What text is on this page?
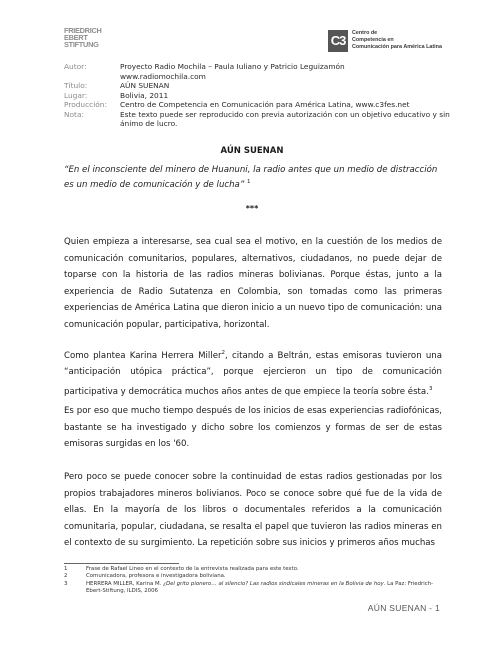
FRIEDRICH
EBERT
STIFTUNG	C3	Centro de
Competencia en
Comunicación para América Latina
Autor:	Proyecto Radio Mochila – Paula Iuliano y Patricio Leguizamón
www.radiomochila.com
Título:	AÚN SUENAN
Lugar:	Bolivia, 2011
Producción:	Centro de Competencia en Comunicación para América Latina, www.c3fes.net
Nota:	Este texto puede ser reproducido con previa autorización con un objetivo educativo y sin
ánimo de lucro.
AÚN SUENAN
“En el inconsciente del minero de Huanuni, la radio antes que un medio de distracción es un medio de comunicación y de lucha” $^1$
***

Quien empieza a interesarse, sea cual sea el motivo, en la cuestión de los medios de comunicación comunitarios, populares, alternativos, ciudadanos, no puede dejar de toparse con la historia de las radios mineras bolivianas. Porque éstas, junto a la experiencia de Radio Sutatenza en Colombia, son tomadas como las primeras experiencias de América Latina que dieron inicio a un nuevo tipo de comunicación: una comunicación popular, participativa, horizontal.

Como plantea Karina Herrera Miller$^2$, citando a Beltrán, estas emisoras tuvieron una “anticipación utópica práctica”, porque ejercieron un tipo de comunicación participativa y democrática muchos años antes de que empiece la teoría sobre ésta.$^3$

Es por eso que mucho tiempo después de los inicios de esas experiencias radiofónicas, bastante se ha investigado y dicho sobre los comienzos y formas de ser de estas emisoras surgidas en los '60.

Pero poco se puede conocer sobre la continuidad de estas radios gestionadas por los propios trabajadores mineros bolivianos. Poco se conoce sobre qué fue de la vida de ellas. En la mayoría de los libros o documentales referidos a la comunicación comunitaria, popular, ciudadana, se resalta el papel que tuvieron las radios mineras en el contexto de su surgimiento. La repetición sobre sus inicios y primeros años muchas

1	Frase de Rafael Lineo en el contexto de la entrevista realizada para este texto.
2	Comunicadora, profesora e investigadora boliviana.
3	HERRERA MILLER, Karina M. ¿Del grito pionero… al silencio? Las radios sindicales mineras en la Bolivia de hoy. La Paz: Friedrich-Ebert-Stiftung, ILDIS, 2006
AÚN SUENAN - 1
